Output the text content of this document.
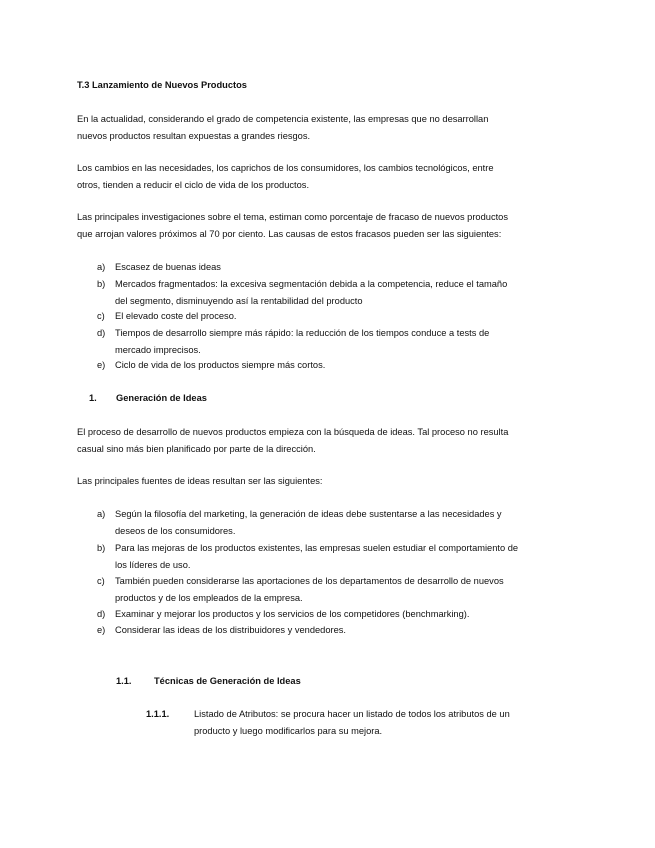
T.3 Lanzamiento de Nuevos Productos
En la actualidad, considerando el grado de competencia existente, las empresas que no desarrollan
nuevos productos resultan expuestas a grandes riesgos.
Los cambios en las necesidades, los caprichos de los consumidores, los cambios tecnológicos, entre
otros, tienden a reducir el ciclo de vida de los productos.
Las principales investigaciones sobre el tema, estiman como porcentaje de fracaso de nuevos productos
que arrojan valores próximos al 70 por ciento. Las causas de estos fracasos pueden ser las siguientes:
a) Escasez de buenas ideas
b) Mercados fragmentados: la excesiva segmentación debida a la competencia, reduce el tamaño
del segmento, disminuyendo así la rentabilidad del producto
c) El elevado coste del proceso.
d) Tiempos de desarrollo siempre más rápido: la reducción de los tiempos conduce a tests de
mercado imprecisos.
e) Ciclo de vida de los productos siempre más cortos.
1. Generación de Ideas
El proceso de desarrollo de nuevos productos empieza con la búsqueda de ideas. Tal proceso no resulta
casual sino más bien planificado por parte de la dirección.
Las principales fuentes de ideas resultan ser las siguientes:
a) Según la filosofía del marketing, la generación de ideas debe sustentarse a las necesidades y
deseos de los consumidores.
b) Para las mejoras de los productos existentes, las empresas suelen estudiar el comportamiento de
los líderes de uso.
c) También pueden considerarse las aportaciones de los departamentos de desarrollo de nuevos
productos y de los empleados de la empresa.
d) Examinar y mejorar los productos y los servicios de los competidores (benchmarking).
e) Considerar las ideas de los distribuidores y vendedores.
1.1. Técnicas de Generación de Ideas
1.1.1.	Listado de Atributos: se procura hacer un listado de todos los atributos de un
producto y luego modificarlos para su mejora.
